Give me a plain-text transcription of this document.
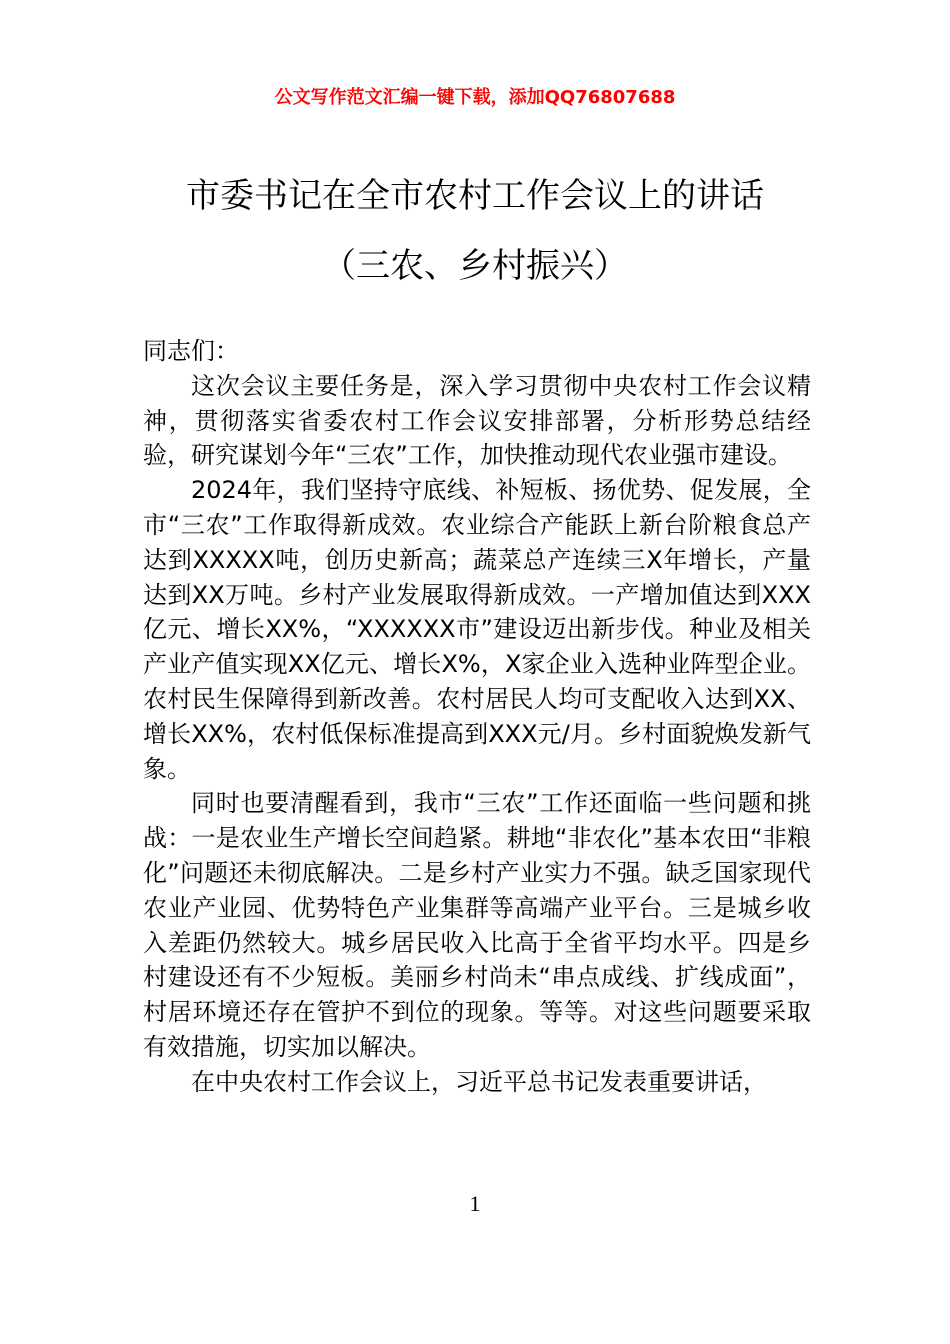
公文写作范文汇编一键下载，添加QQ76807688
市委书记在全市农村工作会议上的讲话
（三农、乡村振兴）

同志们：

这次会议主要任务是，深入学习贯彻中央农村工作会议精神，贯彻落实省委农村工作会议安排部署，分析形势总结经验，研究谋划今年“三农”工作，加快推动现代农业强市建设。

2024年，我们坚持守底线、补短板、扬优势、促发展，全市“三农”工作取得新成效。农业综合产能跃上新台阶粮食总产达到XXXXX吨，创历史新高；蔬菜总产连续三X年增长，产量达到XX万吨。乡村产业发展取得新成效。一产增加值达到XXX亿元、增长XX%，“XXXXXX市”建设迈出新步伐。种业及相关产业产值实现XX亿元、增长X%，X家企业入选种业阵型企业。农村民生保障得到新改善。农村居民人均可支配收入达到XX、增长XX%，农村低保标准提高到XXX元/月。乡村面貌焕发新气象。

同时也要清醒看到，我市“三农”工作还面临一些问题和挑战：一是农业生产增长空间趋紧。耕地“非农化”基本农田“非粮化”问题还未彻底解决。二是乡村产业实力不强。缺乏国家现代农业产业园、优势特色产业集群等高端产业平台。三是城乡收入差距仍然较大。城乡居民收入比高于全省平均水平。四是乡村建设还有不少短板。美丽乡村尚未“串点成线、扩线成面”，村居环境还存在管护不到位的现象。等等。对这些问题要采取有效措施，切实加以解决。

在中央农村工作会议上，习近平总书记发表重要讲话，

1
